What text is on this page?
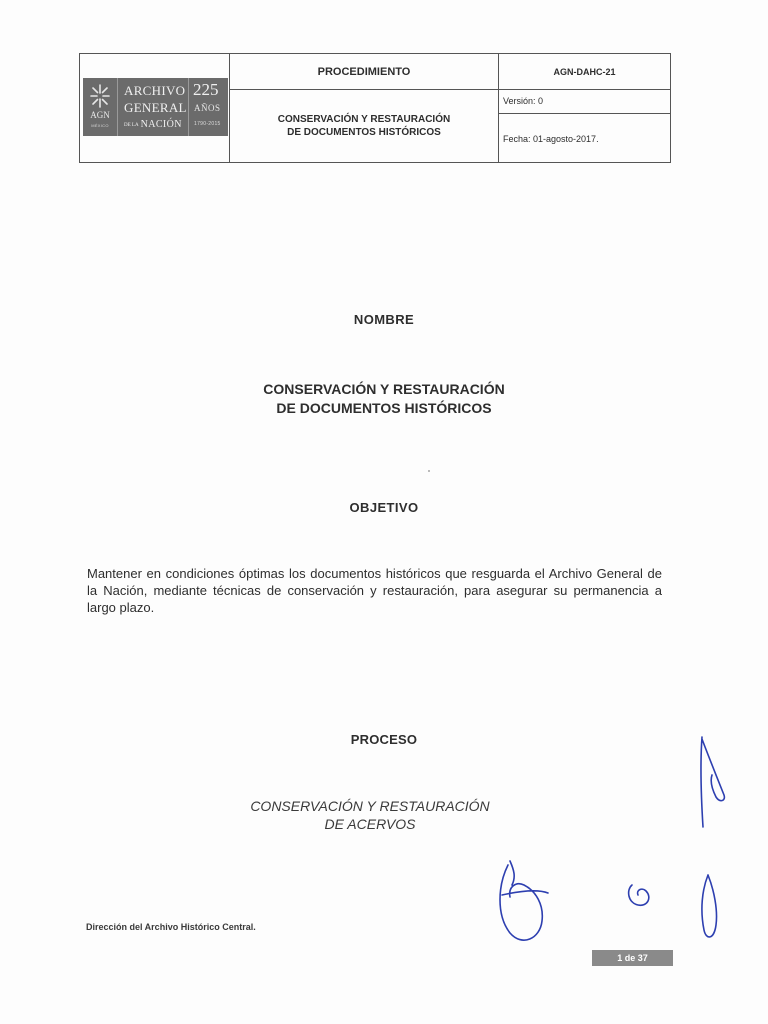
AGN
MÉXICO
ARCHIVO
GENERAL
DE LA NACIÓN
225
AÑOS
1790-2015
PROCEDIMIENTO
CONSERVACIÓN Y RESTAURACIÓN
DE DOCUMENTOS HISTÓRICOS
AGN-DAHC-21
Versión: 0
Fecha: 01-agosto-2017.
NOMBRE
CONSERVACIÓN Y RESTAURACIÓN
DE DOCUMENTOS HISTÓRICOS
OBJETIVO
Mantener en condiciones óptimas los documentos históricos que resguarda el Archivo General de la Nación, mediante técnicas de conservación y restauración, para asegurar su permanencia a largo plazo.
PROCESO
CONSERVACIÓN Y RESTAURACIÓN
DE ACERVOS
Dirección del Archivo Histórico Central.
1 de 37
